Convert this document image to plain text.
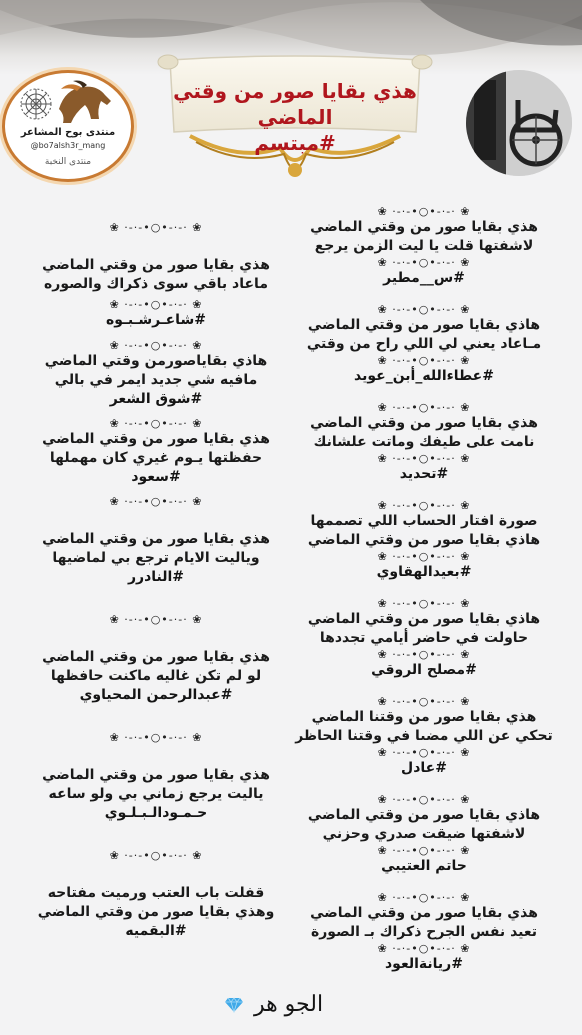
منتدى بوح المشاعر
@bo7alsh3r_mang
منتدى النخبة
هذي بقايا صور من وقتي الماضي
#مبتسم
❀ ·-·-•○•-·-· ❀
هذي بقايا صور من وقتي الماضي
لاشفتها قلت يا ليت الزمن يرجع
❀ ·-·-•○•-·-· ❀
#س__مطير
❀ ·-·-•○•-·-· ❀
هاذي بقايا صور من وقتي الماضي
مـاعاد يعني لي اللي راح من وقتي
❀ ·-·-•○•-·-· ❀
#عطاءالله_أبن_عويد
❀ ·-·-•○•-·-· ❀
هذي بقايا صور من وقتي الماضي
نامت على طيفك وماتت علشانك
❀ ·-·-•○•-·-· ❀
#تحديد
❀ ·-·-•○•-·-· ❀
صورة افتار الحساب اللي تصممها
هاذي بقايا صور من وقتي الماضي
❀ ·-·-•○•-·-· ❀
#بعيدالهقاوي
❀ ·-·-•○•-·-· ❀
هاذي بقايا صور من وقتي الماضي
حاولت في حاضر أيامي تجددها
❀ ·-·-•○•-·-· ❀
#مصلح الروقي
❀ ·-·-•○•-·-· ❀
هذي بقايا صور من وقتنا الماضي
تحكي عن اللي مضىا في وقتنا الحاظر
❀ ·-·-•○•-·-· ❀
#عادل
❀ ·-·-•○•-·-· ❀
هاذي بقايا صور من وقتي الماضي
لاشفتها ضيقت صدري وحزني
❀ ·-·-•○•-·-· ❀
حاتم العتيبي
❀ ·-·-•○•-·-· ❀
هذي بقايا صور من وقتي الماضي
تعيد نفس الجرح ذكراك بـ الصورة
❀ ·-·-•○•-·-· ❀
#ريانةالعود
❀ ·-·-•○•-·-· ❀
هذي بقايا صور من وقتي الماضي
ماعاد باقي سوى ذكراك والصوره
❀ ·-·-•○•-·-· ❀
#شاعـرشـبـوه
❀ ·-·-•○•-·-· ❀
هاذي بقاياصورمن وقتي الماضي
مافيه شي جديد ايمر في بالي
#شوق الشعر
❀ ·-·-•○•-·-· ❀
هذي بقايا صور من وقتي الماضي
حفظتها يـوم غيري كان مهملها
#سعود
❀ ·-·-•○•-·-· ❀
هذي بقايا صور من وقتي الماضي
وياليت الايام ترجع بي لماضيها
#النادرر
❀ ·-·-•○•-·-· ❀
هذي بقايا صور من وقتي الماضي
لو لم تكن غاليه ماكنت حافظها
#عبدالرحمن المحياوي
❀ ·-·-•○•-·-· ❀
هذي بقايا صور من وقتي الماضي
ياليت يرجع زماني بي ولو ساعه
حـمـودالـبـلـوي
❀ ·-·-•○•-·-· ❀
قفلت باب العتب ورميت مفتاحه
وهذي بقايا صور من وقتي الماضي
#البقميه
الجو هر
